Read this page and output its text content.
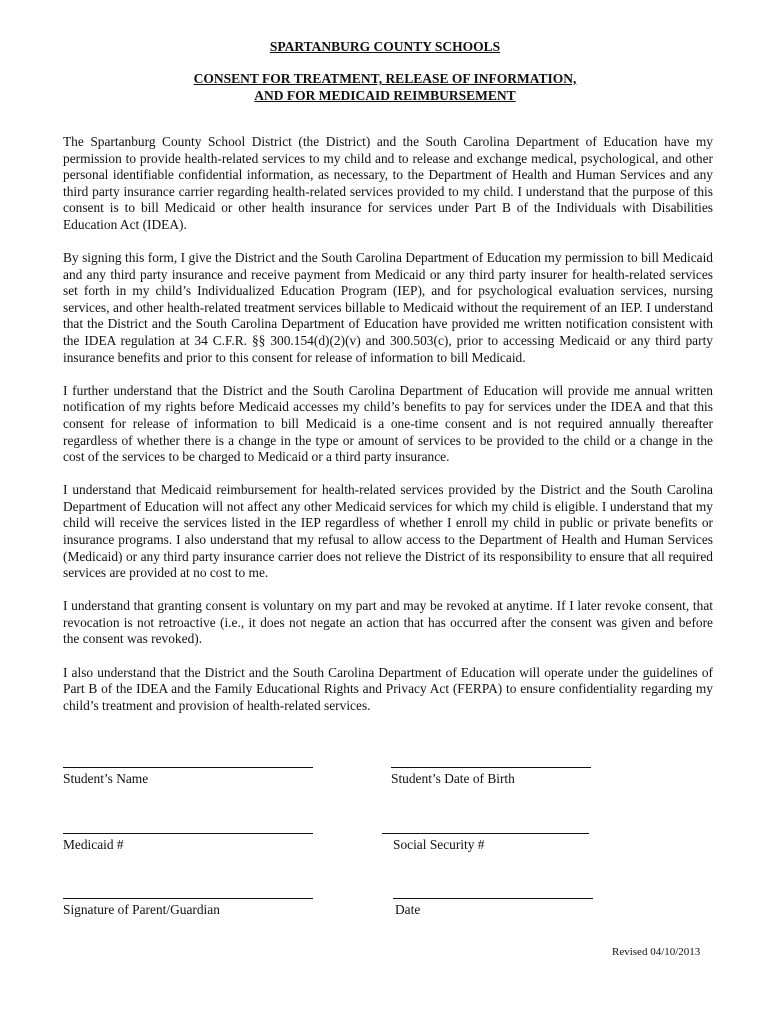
SPARTANBURG COUNTY SCHOOLS
CONSENT FOR TREATMENT, RELEASE OF INFORMATION,
AND FOR MEDICAID REIMBURSEMENT

The Spartanburg County School District (the District) and the South Carolina Department of Education have my permission to provide health-related services to my child and to release and exchange medical, psychological, and other personal identifiable confidential information, as necessary, to the Department of Health and Human Services and any third party insurance carrier regarding health-related services provided to my child. I understand that the purpose of this consent is to bill Medicaid or other health insurance for services under Part B of the Individuals with Disabilities Education Act (IDEA).

By signing this form, I give the District and the South Carolina Department of Education my permission to bill Medicaid and any third party insurance and receive payment from Medicaid or any third party insurer for health-related services set forth in my child’s Individualized Education Program (IEP), and for psychological evaluation services, nursing services, and other health-related treatment services billable to Medicaid without the requirement of an IEP. I understand that the District and the South Carolina Department of Education have provided me written notification consistent with the IDEA regulation at 34 C.F.R. §§ 300.154(d)(2)(v) and 300.503(c), prior to accessing Medicaid or any third party insurance benefits and prior to this consent for release of information to bill Medicaid.

I further understand that the District and the South Carolina Department of Education will provide me annual written notification of my rights before Medicaid accesses my child’s benefits to pay for services under the IDEA and that this consent for release of information to bill Medicaid is a one-time consent and is not required annually thereafter regardless of whether there is a change in the type or amount of services to be provided to the child or a change in the cost of the services to be charged to Medicaid or a third party insurance.

I understand that Medicaid reimbursement for health-related services provided by the District and the South Carolina Department of Education will not affect any other Medicaid services for which my child is eligible. I understand that my child will receive the services listed in the IEP regardless of whether I enroll my child in public or private benefits or insurance programs. I also understand that my refusal to allow access to the Department of Health and Human Services (Medicaid) or any third party insurance carrier does not relieve the District of its responsibility to ensure that all required services are provided at no cost to me.

I understand that granting consent is voluntary on my part and may be revoked at anytime. If I later revoke consent, that revocation is not retroactive (i.e., it does not negate an action that has occurred after the consent was given and before the consent was revoked).

I also understand that the District and the South Carolina Department of Education will operate under the guidelines of Part B of the IDEA and the Family Educational Rights and Privacy Act (FERPA) to ensure confidentiality regarding my child’s treatment and provision of health-related services.

Student’s Name	Student’s Date of Birth
Medicaid #	Social Security #
Signature of Parent/Guardian	Date
Revised 04/10/2013
